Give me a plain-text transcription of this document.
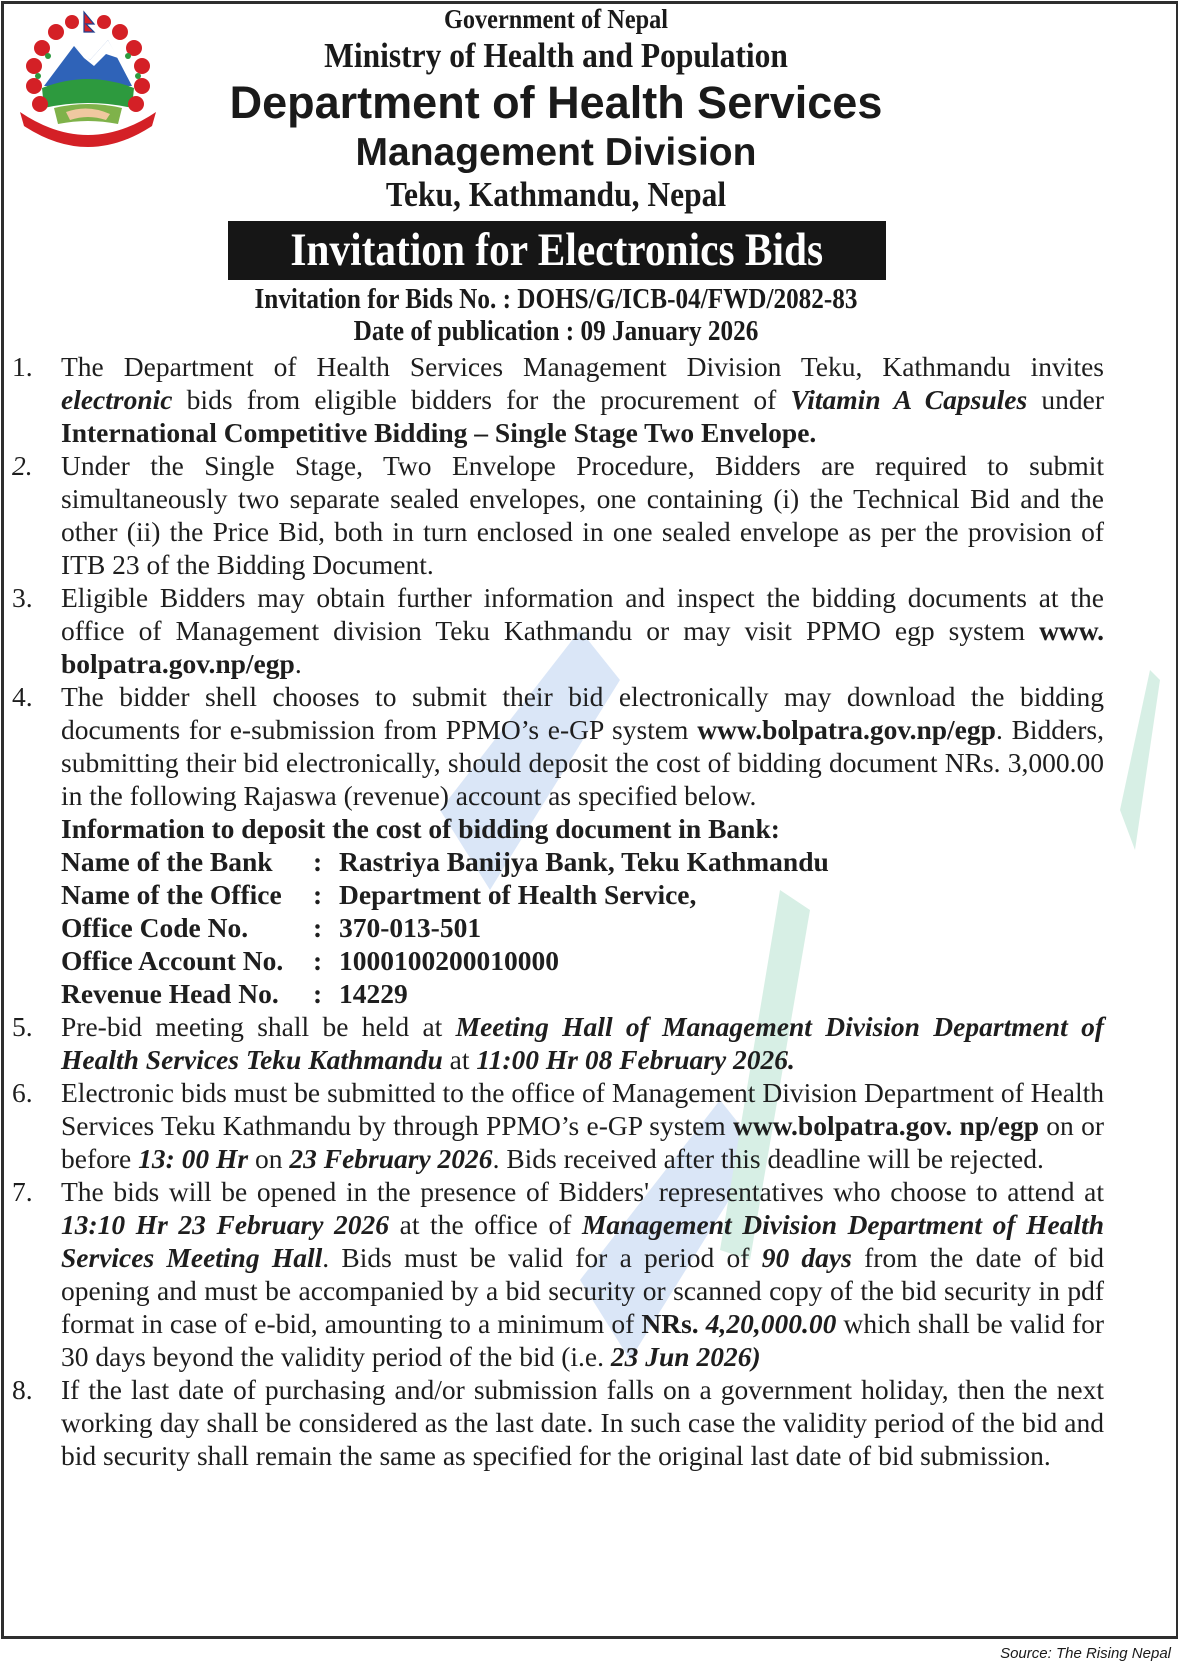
Government of Nepal
Ministry of Health and Population
Department of Health Services
Management Division
Teku, Kathmandu, Nepal
Invitation for Electronics Bids
Invitation for Bids No. : DOHS/G/ICB-04/FWD/2082-83
Date of publication : 09 January 2026
1. The Department of Health Services Management Division Teku, Kathmandu invites electronic bids from eligible bidders for the procurement of Vitamin A Capsules under International Competitive Bidding – Single Stage Two Envelope.
2. Under the Single Stage, Two Envelope Procedure, Bidders are required to submit simultaneously two separate sealed envelopes, one containing (i) the Technical Bid and the other (ii) the Price Bid, both in turn enclosed in one sealed envelope as per the provision of ITB 23 of the Bidding Document.
3. Eligible Bidders may obtain further information and inspect the bidding documents at the office of Management division Teku Kathmandu or may visit PPMO egp system www. bolpatra.gov.np/egp.
4. The bidder shell chooses to submit their bid electronically may download the bidding documents for e-submission from PPMO’s e-GP system www.bolpatra.gov.np/egp. Bidders, submitting their bid electronically, should deposit the cost of bidding document NRs. 3,000.00 in the following Rajaswa (revenue) account as specified below.
Information to deposit the cost of bidding document in Bank:
Name of the Bank	: Rastriya Banijya Bank, Teku Kathmandu
Name of the Office	: Department of Health Service,
Office Code No.	: 370-013-501
Office Account No.	: 1000100200010000
Revenue Head No.	: 14229
5. Pre-bid meeting shall be held at Meeting Hall of Management Division Department of Health Services Teku Kathmandu at 11:00 Hr 08 February 2026.
6. Electronic bids must be submitted to the office of Management Division Department of Health Services Teku Kathmandu by through PPMO’s e-GP system www.bolpatra.gov. np/egp on or before 13: 00 Hr on 23 February 2026. Bids received after this deadline will be rejected.
7. The bids will be opened in the presence of Bidders' representatives who choose to attend at 13:10 Hr 23 February 2026 at the office of Management Division Department of Health Services Meeting Hall. Bids must be valid for a period of 90 days from the date of bid opening and must be accompanied by a bid security or scanned copy of the bid security in pdf format in case of e-bid, amounting to a minimum of NRs. 4,20,000.00 which shall be valid for 30 days beyond the validity period of the bid (i.e. 23 Jun 2026)
8. If the last date of purchasing and/or submission falls on a government holiday, then the next working day shall be considered as the last date. In such case the validity period of the bid and bid security shall remain the same as specified for the original last date of bid submission.
Source: The Rising Nepal
